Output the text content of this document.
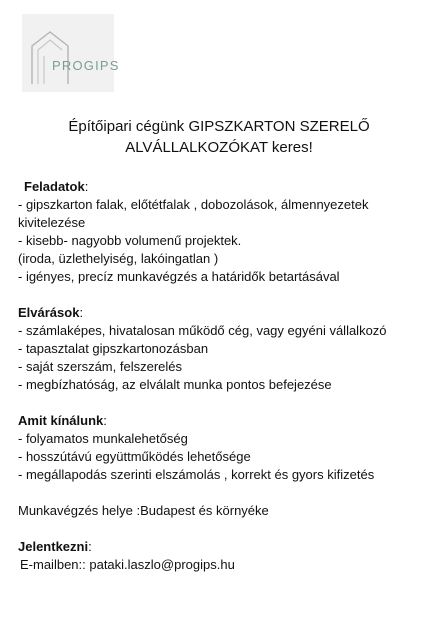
PROGIPS
Építőipari cégünk GIPSZKARTON SZERELŐ
ALVÁLLALKOZÓKAT keres!

Feladatok:

- gipszkarton falak, előtétfalak , dobozolások, álmennyezetek

kivitelezése

- kisebb- nagyobb volumenű projektek.

(iroda, üzlethelyiség, lakóingatlan )

- igényes, precíz munkavégzés a határidők betartásával

Elvárások:

- számlaképes, hivatalosan működő cég, vagy egyéni vállalkozó

- tapasztalat gipszkartonozásban

- saját szerszám, felszerelés

- megbízhatóság, az elválalt munka pontos befejezése

Amit kínálunk:

- folyamatos munkalehetőség

- hosszútávú együttműködés lehetősége

- megállapodás szerinti elszámolás , korrekt és gyors kifizetés

Munkavégzés helye :Budapest és környéke

Jelentkezni:

E-mailben:: pataki.laszlo@progips.hu
